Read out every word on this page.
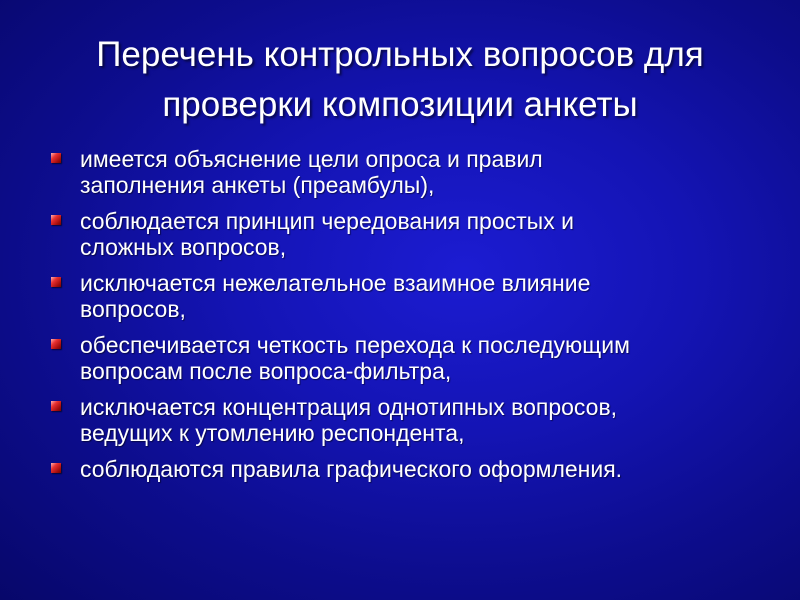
Перечень контрольных вопросов для
проверки композиции анкеты
имеется объяснение цели опроса и правил
заполнения анкеты (преамбулы),
соблюдается принцип чередования простых и
сложных вопросов,
исключается нежелательное взаимное влияние
вопросов,
обеспечивается четкость перехода к последующим
вопросам после вопроса-фильтра,
исключается концентрация однотипных вопросов,
ведущих к утомлению респондента,
соблюдаются правила графического оформления.
